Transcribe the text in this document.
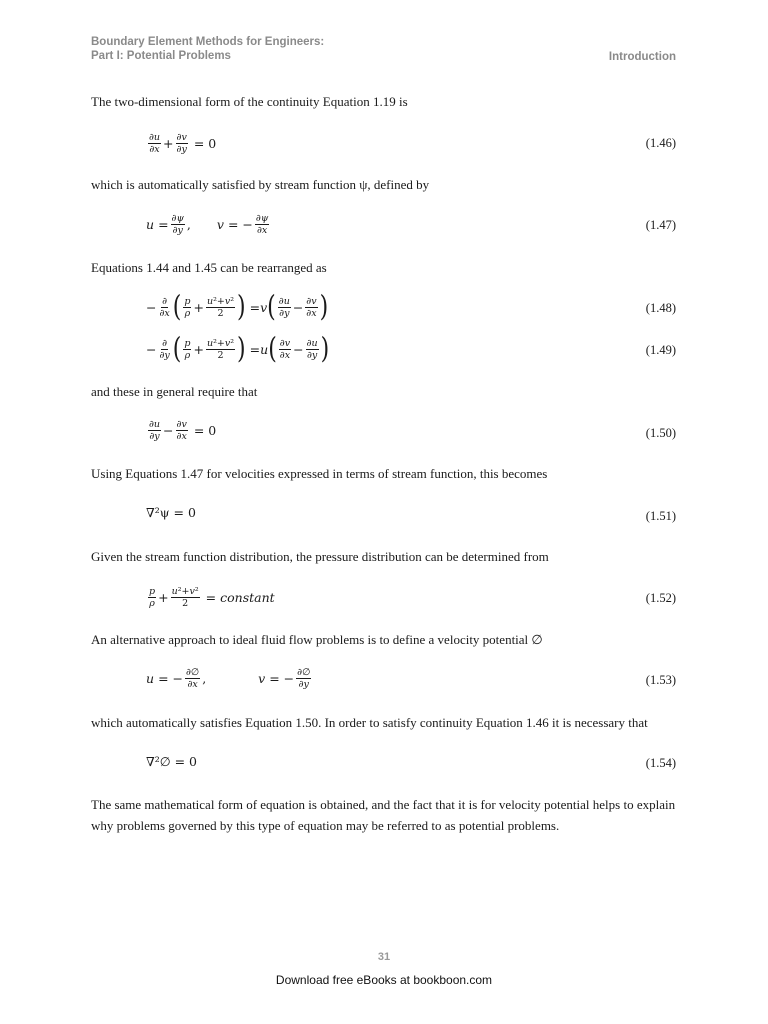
Boundary Element Methods for Engineers:
Part I: Potential Problems	Introduction
The two-dimensional form of the continuity Equation 1.19 is
$\frac{\partial u}{\partial x} + \frac{\partial v}{\partial y} = 0$	(1.46)
which is automatically satisfied by stream function ψ, defined by
$u = \frac{\partial\psi}{\partial y}$ , v = − $\frac{\partial\psi}{\partial x}$	(1.47)
Equations 1.44 and 1.45 can be rearranged as
− $\frac{\partial}{\partial x}$ ( $\frac{p}{\rho} + \frac{\text{u²+v²}}{2}$ ) = v ( $\frac{\partial u}{\partial y} - \frac{\partial v}{\partial x}$ )	(1.48)
− $\frac{\partial}{\partial y}$ ( $\frac{p}{\rho} + \frac{\text{u²+v²}}{2}$ ) = u ( $\frac{\partial v}{\partial x} - \frac{\partial u}{\partial y}$ )	(1.49)
and these in general require that
$\frac{\partial u}{\partial y} - \frac{\partial v}{\partial x} = 0$	(1.50)
Using Equations 1.47 for velocities expressed in terms of stream function, this becomes
∇²ψ = 0	(1.51)
Given the stream function distribution, the pressure distribution can be determined from
$\frac{p}{\rho} + \frac{\text{u²+v²}}{2}$ = constant	(1.52)
An alternative approach to ideal fluid flow problems is to define a velocity potential ∅
u = − $\frac{\partial\emptyset}{\partial x}$ ,	v = − $\frac{\partial\emptyset}{\partial y}$	(1.53)
which automatically satisfies Equation 1.50. In order to satisfy continuity Equation 1.46 it is necessary that
∇²∅ = 0	(1.54)
The same mathematical form of equation is obtained, and the fact that it is for velocity potential helps to explain why problems governed by this type of equation may be referred to as potential problems.
31
Download free eBooks at bookboon.com
